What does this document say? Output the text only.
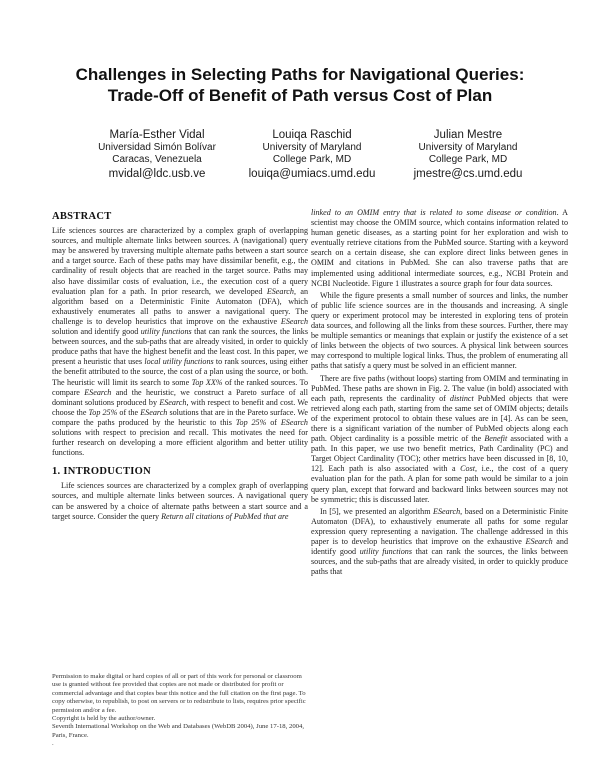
Challenges in Selecting Paths for Navigational Queries:
Trade-Off of Benefit of Path versus Cost of Plan
María-Esther Vidal
Universidad Simón Bolívar
Caracas, Venezuela
mvidal@ldc.usb.ve
Louiqa Raschid
University of Maryland
College Park, MD
louiqa@umiacs.umd.edu
Julian Mestre
University of Maryland
College Park, MD
jmestre@cs.umd.edu
ABSTRACT

Life sciences sources are characterized by a complex graph of overlapping sources, and multiple alternate links between sources. A (navigational) query may be answered by traversing multiple alternate paths between a start source and a target source. Each of these paths may have dissimilar benefit, e.g., the cardinality of result objects that are reached in the target source. Paths may also have dissimilar costs of evaluation, i.e., the execution cost of a query evaluation plan for a path. In prior research, we developed ESearch, an algorithm based on a Deterministic Finite Automaton (DFA), which exhaustively enumerates all paths to answer a navigational query. The challenge is to develop heuristics that improve on the exhaustive ESearch solution and identify good utility functions that can rank the sources, the links between sources, and the sub-paths that are already visited, in order to quickly produce paths that have the highest benefit and the least cost. In this paper, we present a heuristic that uses local utility functions to rank sources, using either the benefit attributed to the source, the cost of a plan using the source, or both. The heuristic will limit its search to some Top XX% of the ranked sources. To compare ESearch and the heuristic, we construct a Pareto surface of all dominant solutions produced by ESearch, with respect to benefit and cost. We choose the Top 25% of the ESearch solutions that are in the Pareto surface. We compare the paths produced by the heuristic to this Top 25% of ESearch solutions with respect to precision and recall. This motivates the need for further research on developing a more efficient algorithm and better utility functions.

1. INTRODUCTION

Life sciences sources are characterized by a complex graph of overlapping sources, and multiple alternate links between sources. A navigational query can be answered by a choice of alternate paths between a start source and a target source. Consider the query Return all citations of PubMed that are

Permission to make digital or hard copies of all or part of this work for personal or classroom use is granted without fee provided that copies are not made or distributed for profit or commercial advantage and that copies bear this notice and the full citation on the first page. To copy otherwise, to republish, to post on servers or to redistribute to lists, requires prior specific permission and/or a fee.

Copyright is held by the author/owner.

Seventh International Workshop on the Web and Databases (WebDB 2004), June 17-18, 2004, Paris, France.

.

linked to an OMIM entry that is related to some disease or condition. A scientist may choose the OMIM source, which contains information related to human genetic diseases, as a starting point for her exploration and wish to eventually retrieve citations from the PubMed source. Starting with a keyword search on a certain disease, she can explore direct links between genes in OMIM and citations in PubMed. She can also traverse paths that are implemented using additional intermediate sources, e.g., NCBI Protein and NCBI Nucleotide. Figure 1 illustrates a source graph for four data sources.

While the figure presents a small number of sources and links, the number of public life science sources are in the thousands and increasing. A single query or experiment protocol may be interested in exploring tens of protein data sources, and following all the links from these sources. Further, there may be multiple semantics or meanings that explain or justify the existence of a set of links between the objects of two sources. A physical link between sources may correspond to multiple logical links. Thus, the problem of enumerating all paths that satisfy a query must be solved in an efficient manner.

There are five paths (without loops) starting from OMIM and terminating in PubMed. These paths are shown in Fig. 2. The value (in bold) associated with each path, represents the cardinality of distinct PubMed objects that were retrieved along each path, starting from the same set of OMIM objects; details of the experiment protocol to obtain these values are in [4]. As can be seen, there is a significant variation of the number of PubMed objects along each path. Object cardinality is a possible metric of the Benefit associated with a path. In this paper, we use two benefit metrics, Path Cardinality (PC) and Target Object Cardinality (TOC); other metrics have been discussed in [8, 10, 12]. Each path is also associated with a Cost, i.e., the cost of a query evaluation plan for the path. A plan for some path would be similar to a join query plan, except that forward and backward links between sources may not be symmetric; this is discussed later.

In [5], we presented an algorithm ESearch, based on a Deterministic Finite Automaton (DFA), to exhaustively enumerate all paths for some regular expression query representing a navigation. The challenge addressed in this paper is to develop heuristics that improve on the exhaustive ESearch and identify good utility functions that can rank the sources, the links between sources, and the sub-paths that are already visited, in order to quickly produce paths that
